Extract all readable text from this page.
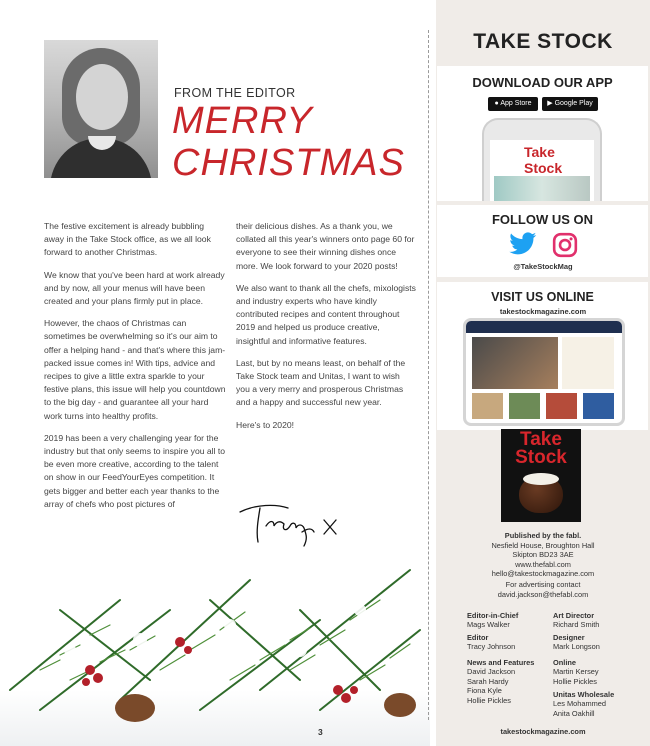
FROM THE EDITOR
MERRY
CHRISTMAS

The festive excitement is already bubbling away in the Take Stock office, as we all look forward to another Christmas.

We know that you've been hard at work already and by now, all your menus will have been created and your plans firmly put in place.

However, the chaos of Christmas can sometimes be overwhelming so it's our aim to offer a helping hand - and that's where this jam-packed issue comes in! With tips, advice and recipes to give a little extra sparkle to your festive plans, this issue will help you countdown to the big day - and guarantee all your hard work turns into healthy profits.

2019 has been a very challenging year for the industry but that only seems to inspire you all to be even more creative, according to the talent on show in our FeedYourEyes competition. It gets bigger and better each year thanks to the array of chefs who post pictures of

their delicious dishes. As a thank you, we collated all this year's winners onto page 60 for everyone to see their winning dishes once more. We look forward to your 2020 posts!

We also want to thank all the chefs, mixologists and industry experts who have kindly contributed recipes and content throughout 2019 and helped us produce creative, insightful and informative features.

Last, but by no means least, on behalf of the Take Stock team and Unitas, I want to wish you a very merry and prosperous Christmas and a happy and successful new year.

Here's to 2020!

Tracy x
3
TAKE STOCK
DOWNLOAD OUR APP
● App Store	▶ Google Play
Take Stock
FOLLOW US ON
@TakeStockMag
VISIT US ONLINE
takestockmagazine.com
Take Stock
Published by the fabl.
Nesfield House, Broughton Hall
Skipton BD23 3AE
www.thefabl.com
hello@takestockmagazine.com
For advertising contact
david.jackson@thefabl.com
Editor-in-Chief
Mags Walker
Editor
Tracy Johnson
News and Features
David Jackson
Sarah Hardy
Fiona Kyle
Hollie Pickles
Art Director
Richard Smith
Designer
Mark Longson
Online
Martin Kersey
Hollie Pickles
Unitas Wholesale
Les Mohammed
Anita Oakhill
takestockmagazine.com
